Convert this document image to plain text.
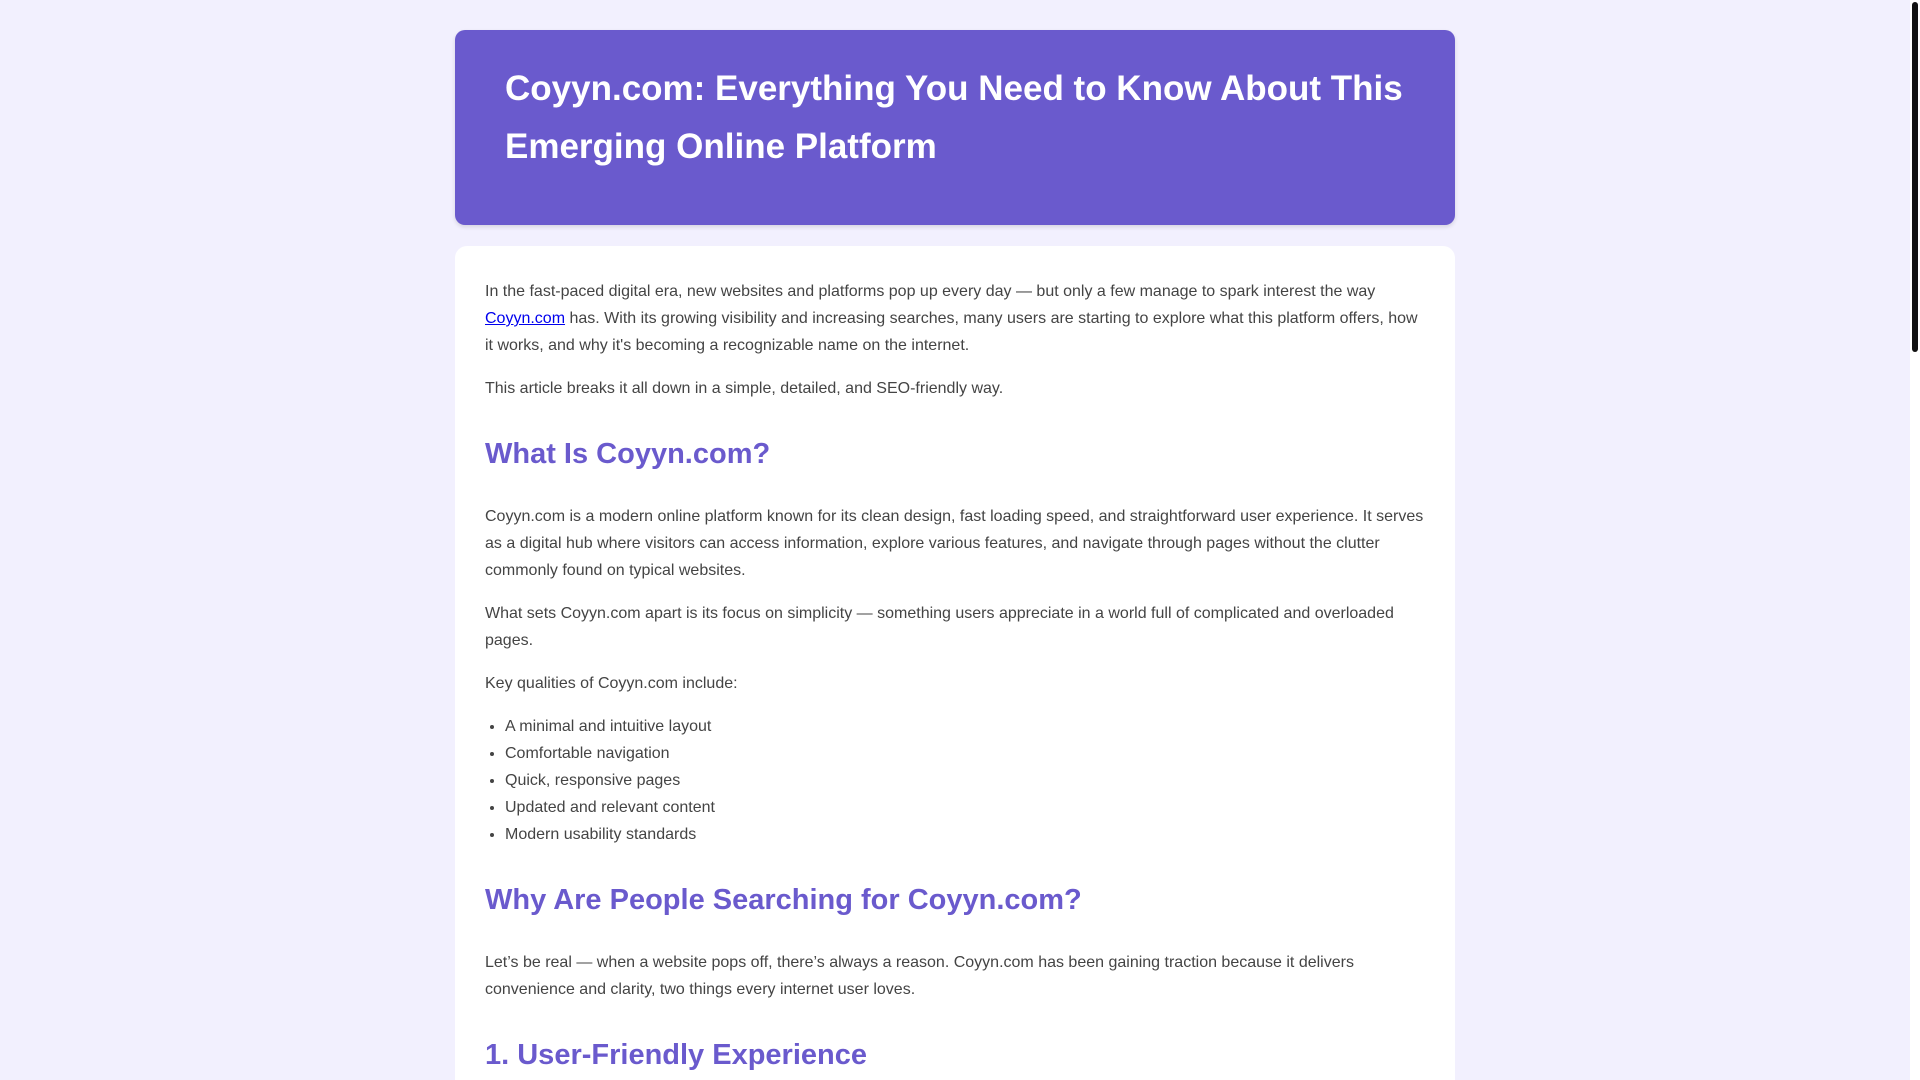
Coyyn.com: Everything You Need to Know About This Emerging Online Platform

In the fast-paced digital era, new websites and platforms pop up every day — but only a few manage to spark interest the way Coyyn.com has. With its growing visibility and increasing searches, many users are starting to explore what this platform offers, how it works, and why it's becoming a recognizable name on the internet.

This article breaks it all down in a simple, detailed, and SEO-friendly way.

What Is Coyyn.com?

Coyyn.com is a modern online platform known for its clean design, fast loading speed, and straightforward user experience. It serves as a digital hub where visitors can access information, explore various features, and navigate through pages without the clutter commonly found on typical websites.

What sets Coyyn.com apart is its focus on simplicity — something users appreciate in a world full of complicated and overloaded pages.

Key qualities of Coyyn.com include:

• A minimal and intuitive layout
• Comfortable navigation
• Quick, responsive pages
• Updated and relevant content
• Modern usability standards
Why Are People Searching for Coyyn.com?

Let’s be real — when a website pops off, there’s always a reason. Coyyn.com has been gaining traction because it delivers convenience and clarity, two things every internet user loves.

1. User-Friendly Experience
